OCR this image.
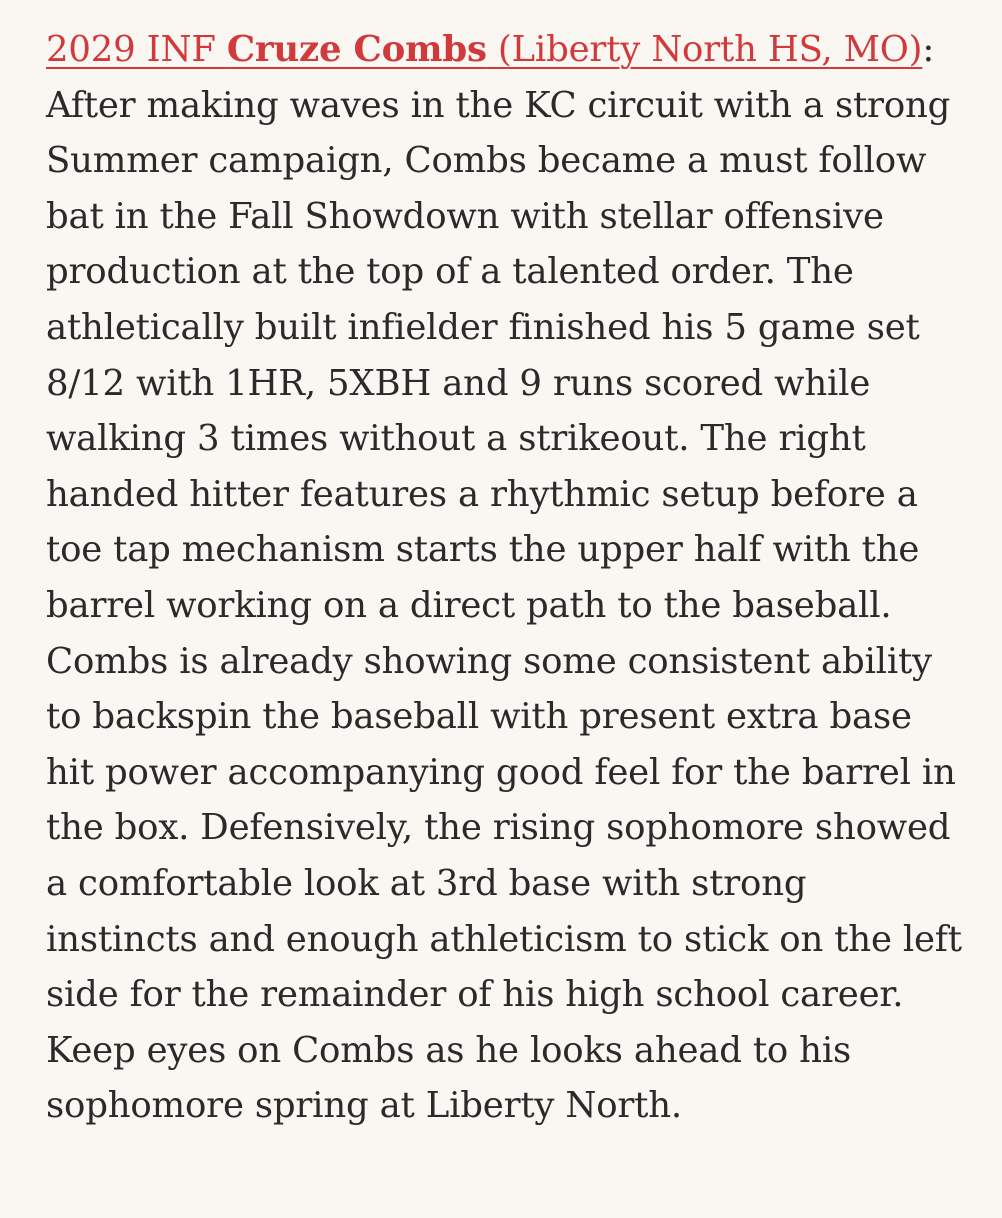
2029 INF Cruze Combs (Liberty North HS, MO):
After making waves in the KC circuit with a strong Summer campaign, Combs became a must follow bat in the Fall Showdown with stellar offensive production at the top of a talented order. The athletically built infielder finished his 5 game set 8/12 with 1HR, 5XBH and 9 runs scored while walking 3 times without a strikeout. The right handed hitter features a rhythmic setup before a toe tap mechanism starts the upper half with the barrel working on a direct path to the baseball. Combs is already showing some consistent ability to backspin the baseball with present extra base hit power accompanying good feel for the barrel in the box. Defensively, the rising sophomore showed a comfortable look at 3rd base with strong instincts and enough athleticism to stick on the left side for the remainder of his high school career. Keep eyes on Combs as he looks ahead to his sophomore spring at Liberty North.
